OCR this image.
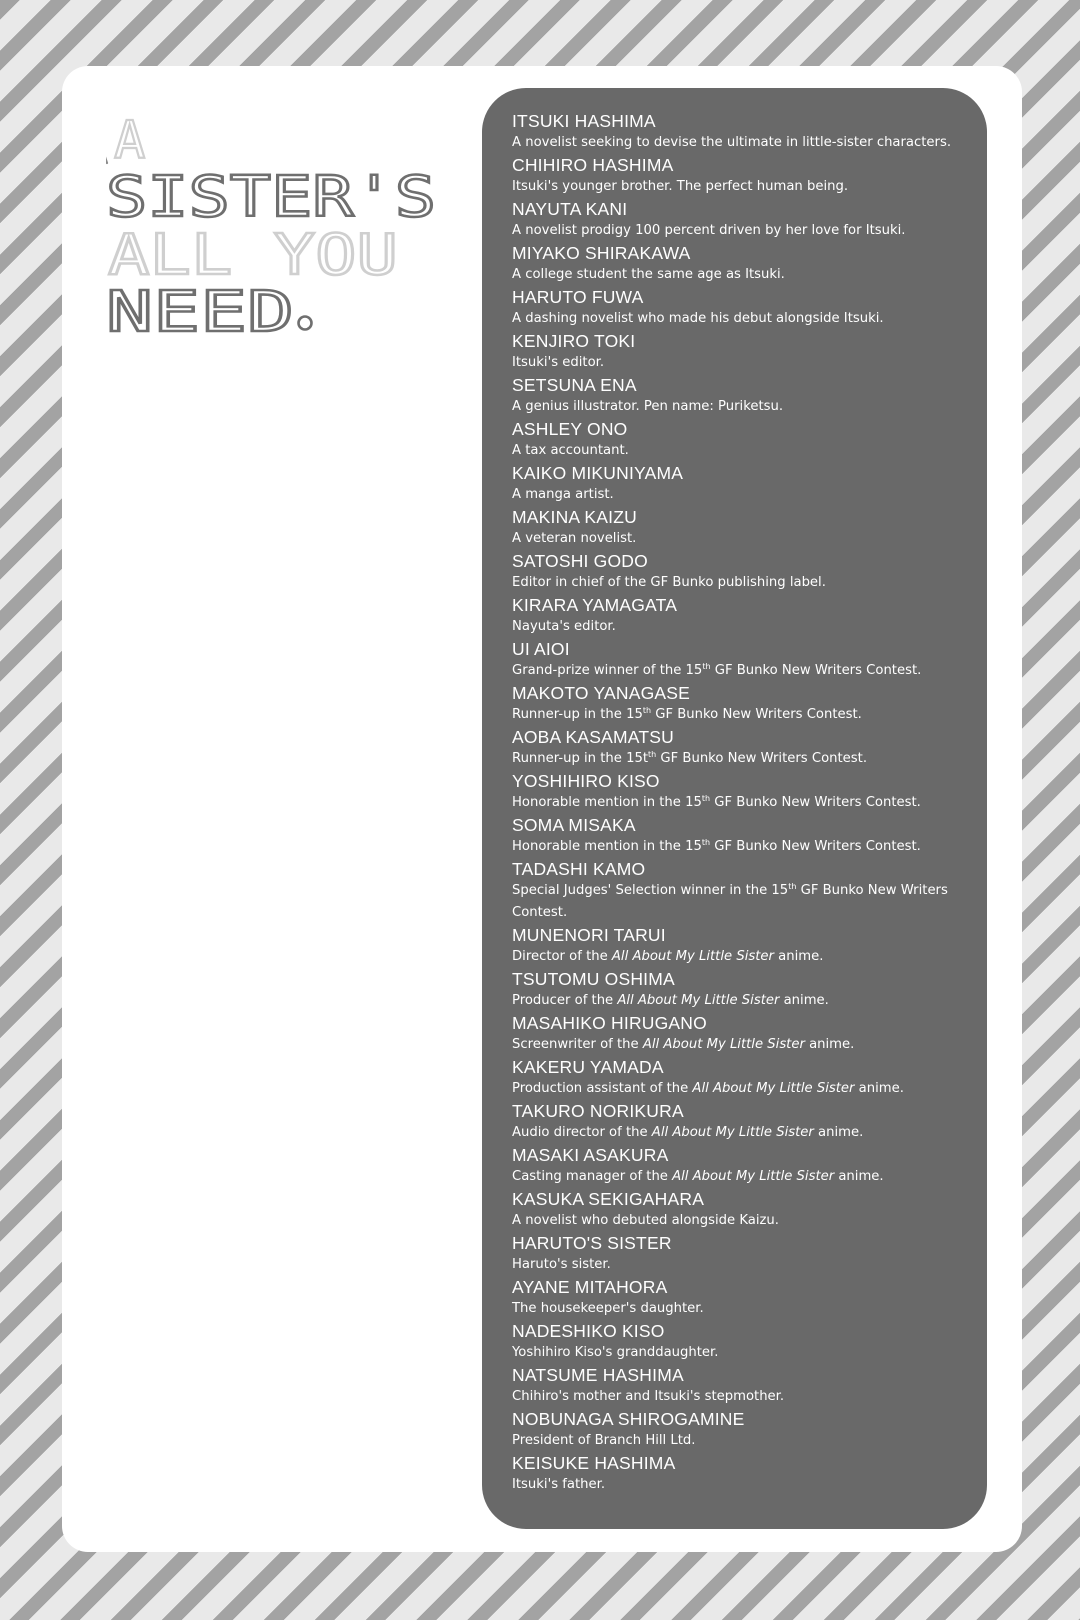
A
SISTER'S
ALL YOU
NEED
ITSUKI HASHIMA
A novelist seeking to devise the ultimate in little-sister characters.
CHIHIRO HASHIMA
Itsuki's younger brother. The perfect human being.
NAYUTA KANI
A novelist prodigy 100 percent driven by her love for Itsuki.
MIYAKO SHIRAKAWA
A college student the same age as Itsuki.
HARUTO FUWA
A dashing novelist who made his debut alongside Itsuki.
KENJIRO TOKI
Itsuki's editor.
SETSUNA ENA
A genius illustrator. Pen name: Puriketsu.
ASHLEY ONO
A tax accountant.
KAIKO MIKUNIYAMA
A manga artist.
MAKINA KAIZU
A veteran novelist.
SATOSHI GODO
Editor in chief of the GF Bunko publishing label.
KIRARA YAMAGATA
Nayuta's editor.
UI AIOI
Grand-prize winner of the 15th GF Bunko New Writers Contest.
MAKOTO YANAGASE
Runner-up in the 15th GF Bunko New Writers Contest.
AOBA KASAMATSU
Runner-up in the $15t^{th}$ GF Bunko New Writers Contest.
YOSHIHIRO KISO
Honorable mention in the 15th GF Bunko New Writers Contest.
SOMA MISAKA
Honorable mention in the 15th GF Bunko New Writers Contest.
TADASHI KAMO
Special Judges' Selection winner in the 15th GF Bunko New Writers Contest.
MUNENORI TARUI
Director of the All About My Little Sister anime.
TSUTOMU OSHIMA
Producer of the All About My Little Sister anime.
MASAHIKO HIRUGANO
Screenwriter of the All About My Little Sister anime.
KAKERU YAMADA
Production assistant of the All About My Little Sister anime.
TAKURO NORIKURA
Audio director of the All About My Little Sister anime.
MASAKI ASAKURA
Casting manager of the All About My Little Sister anime.
KASUKA SEKIGAHARA
A novelist who debuted alongside Kaizu.
HARUTO'S SISTER
Haruto's sister.
AYANE MITAHORA
The housekeeper's daughter.
NADESHIKO KISO
Yoshihiro Kiso's granddaughter.
NATSUME HASHIMA
Chihiro's mother and Itsuki's stepmother.
NOBUNAGA SHIROGAMINE
President of Branch Hill Ltd.
KEISUKE HASHIMA
Itsuki's father.
